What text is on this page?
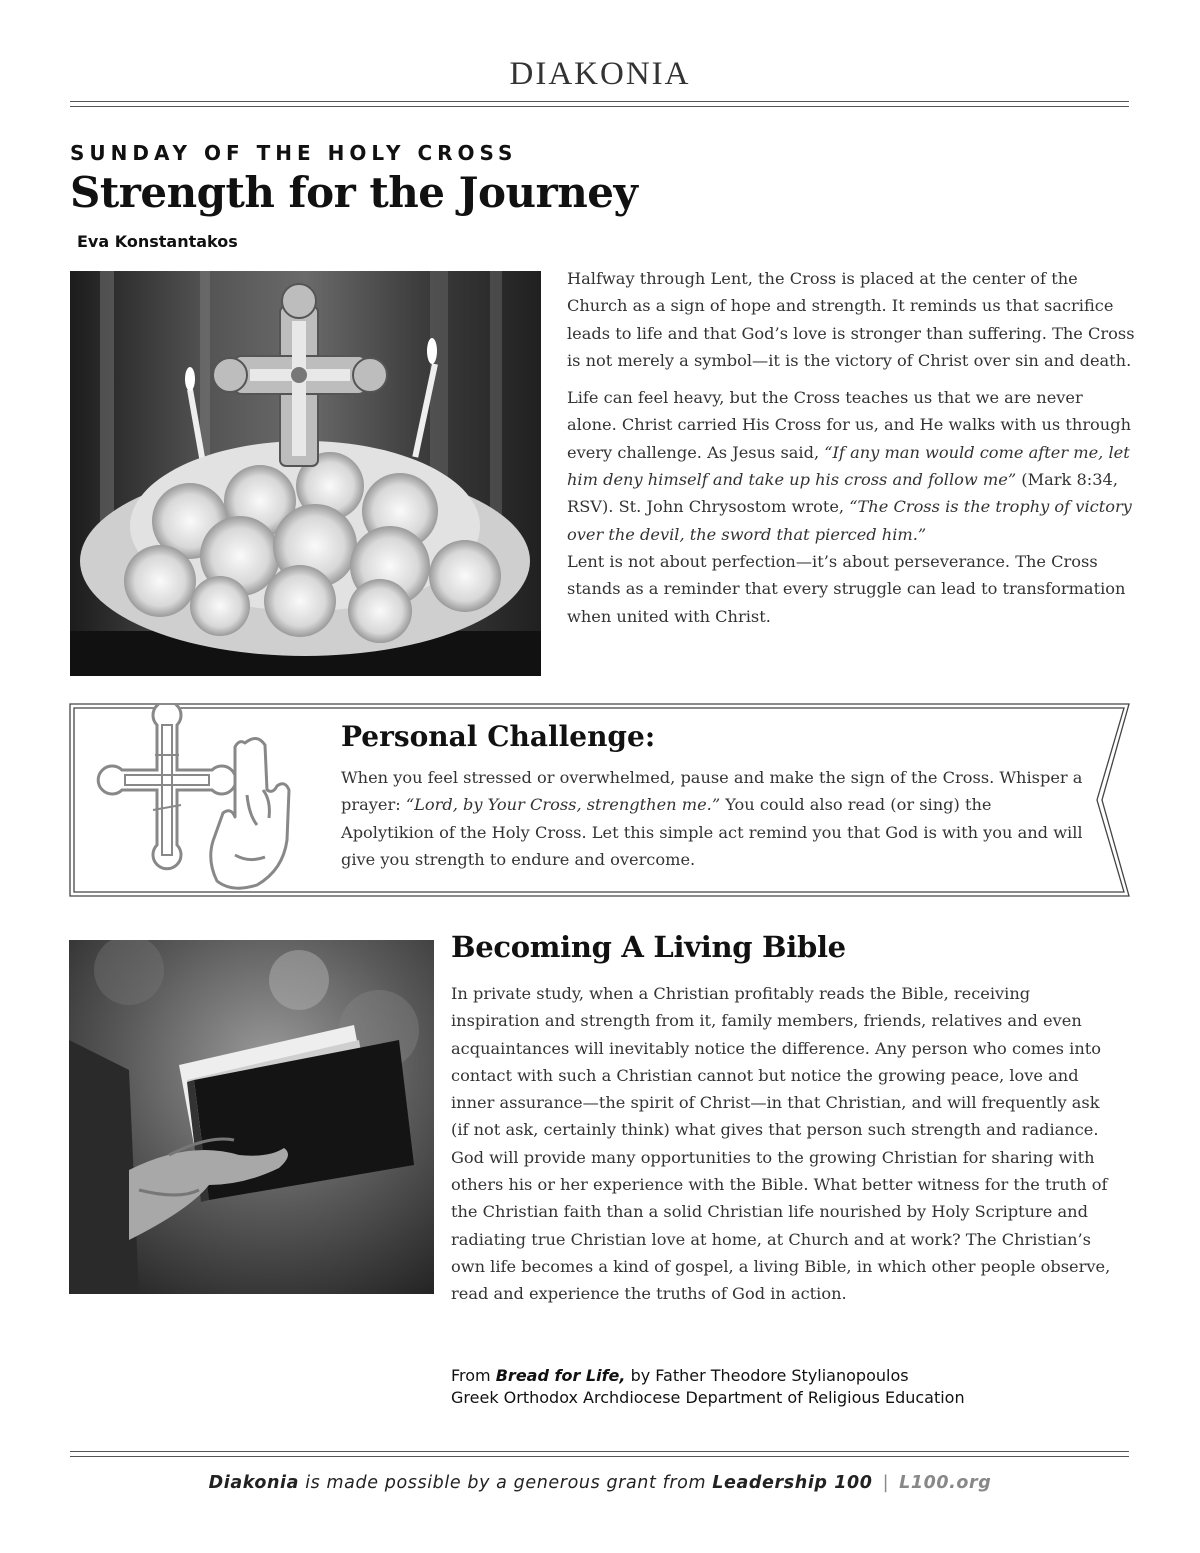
DIAKONIA
SUNDAY OF THE HOLY CROSS
Strength for the Journey
Eva Konstantakos

Halfway through Lent, the Cross is placed at the center of the Church as a sign of hope and strength. It reminds us that sacrifice leads to life and that God’s love is stronger than suffering. The Cross is not merely a symbol—it is the victory of Christ over sin and death.

Life can feel heavy, but the Cross teaches us that we are never alone. Christ carried His Cross for us, and He walks with us through every challenge. As Jesus said, “If any man would come after me, let him deny himself and take up his cross and follow me” (Mark 8:34, RSV). St. John Chrysostom wrote, “The Cross is the trophy of victory over the devil, the sword that pierced him.”

Lent is not about perfection—it’s about perseverance. The Cross stands as a reminder that every struggle can lead to transformation when united with Christ.

Personal Challenge:
When you feel stressed or overwhelmed, pause and make the sign of the Cross. Whisper a prayer: “Lord, by Your Cross, strengthen me.” You could also read (or sing) the Apolytikion of the Holy Cross. Let this simple act remind you that God is with you and will give you strength to endure and overcome.
Becoming A Living Bible
In private study, when a Christian profitably reads the Bible, receiving inspiration and strength from it, family members, friends, relatives and even acquaintances will inevitably notice the difference. Any person who comes into contact with such a Christian cannot but notice the growing peace, love and inner assurance—the spirit of Christ—in that Christian, and will frequently ask (if not ask, certainly think) what gives that person such strength and radiance. God will provide many opportunities to the growing Christian for sharing with others his or her experience with the Bible. What better witness for the truth of the Christian faith than a solid Christian life nourished by Holy Scripture and radiating true Christian love at home, at Church and at work? The Christian’s own life becomes a kind of gospel, a living Bible, in which other people observe, read and experience the truths of God in action.
From Bread for Life, by Father Theodore Stylianopoulos
Greek Orthodox Archdiocese Department of Religious Education
Diakonia is made possible by a generous grant from Leadership 100 | L100.org
